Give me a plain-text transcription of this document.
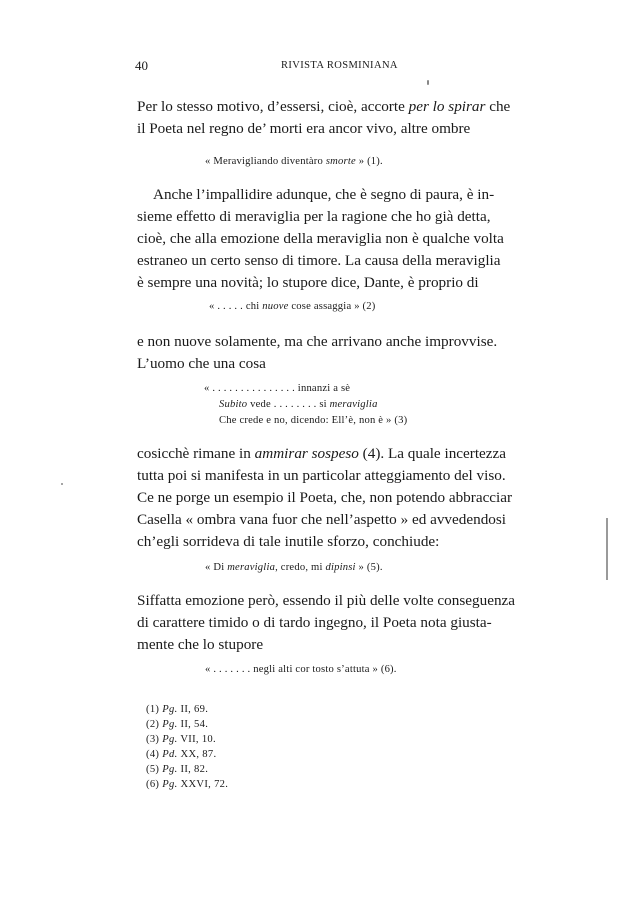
40	RIVISTA ROSMINIANA
Per lo stesso motivo, d’essersi, cioè, accorte per lo spirar che
il Poeta nel regno de’ morti era ancor vivo, altre ombre
« Meravigliando diventàro smorte » (1).
Anche l’impallidire adunque, che è segno di paura, è in-
sieme effetto di meraviglia per la ragione che ho già detta,
cioè, che alla emozione della meraviglia non è qualche volta
estraneo un certo senso di timore. La causa della meraviglia
è sempre una novità; lo stupore dice, Dante, è proprio di
« . . . . . chi nuove cose assaggia » (2)
e non nuove solamente, ma che arrivano anche improvvise.
L’uomo che una cosa
« . . . . . . . . . . . . . . . innanzi a sè
Subito vede . . . . . . . . si meraviglia
Che crede e no, dicendo: Ell’è, non è » (3)
cosicchè rimane in ammirar sospeso (4). La quale incertezza
tutta poi si manifesta in un particolar atteggiamento del viso.
Ce ne porge un esempio il Poeta, che, non potendo abbracciar
Casella « ombra vana fuor che nell’aspetto » ed avvedendosi
ch’egli sorrideva di tale inutile sforzo, conchiude:
« Di meraviglia, credo, mi dipinsi » (5).
Siffatta emozione però, essendo il più delle volte conseguenza
di carattere timido o di tardo ingegno, il Poeta nota giusta-
mente che lo stupore
« . . . . . . . negli alti cor tosto s’attuta » (6).
(1) Pg. II, 69.
(2) Pg. II, 54.
(3) Pg. VII, 10.
(4) Pd. XX, 87.
(5) Pg. II, 82.
(6) Pg. XXVI, 72.
